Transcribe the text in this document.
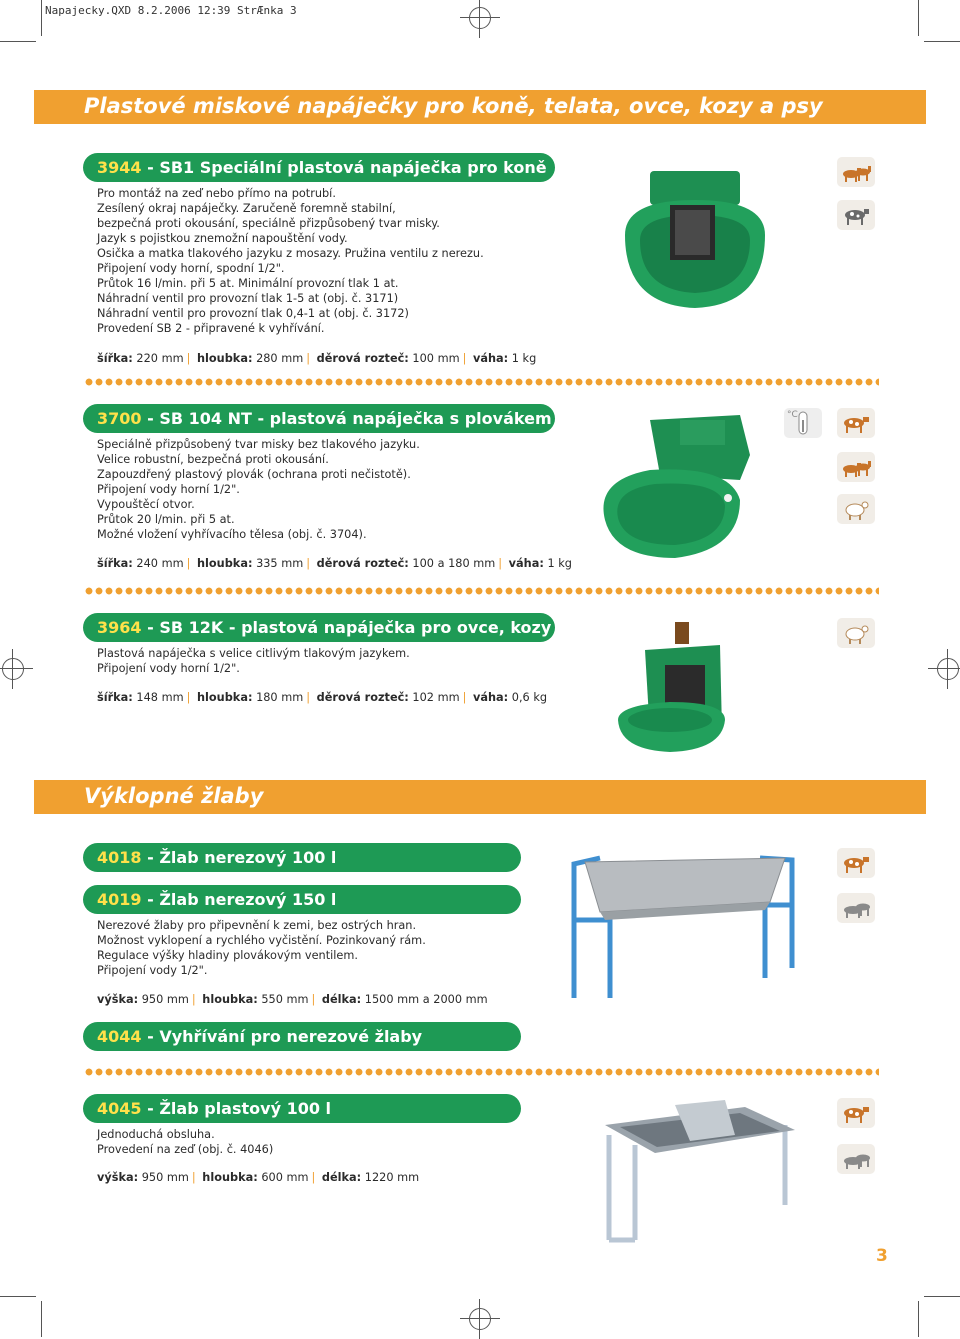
Napajecky.QXD 8.2.2006 12:39 StrÆnka 3
Plastové miskové napáječky pro koně, telata, ovce, kozy a psy
3944 - SB1 Speciální plastová napáječka pro koně
Pro montáž na zeď nebo přímo na potrubí.
Zesílený okraj napáječky. Zaručeně foremně stabilní,
bezpečná proti okousání, speciálně přizpůsobený tvar misky.
Jazyk s pojistkou znemožní napouštění vody.
Osička a matka tlakového jazyku z mosazy. Pružina ventilu z nerezu.
Připojení vody horní, spodní 1/2".
Průtok 16 l/min. při 5 at. Minimální provozní tlak 1 at.
Náhradní ventil pro provozní tlak 1-5 at (obj. č. 3171)
Náhradní ventil pro provozní tlak 0,4-1 at (obj. č. 3172)
Provedení SB 2 - připravené k vyhřívání.
šířka: 220 mm | hloubka: 280 mm | děrová rozteč: 100 mm | váha: 1 kg
3700 - SB 104 NT - plastová napáječka s plovákem
Speciálně přizpůsobený tvar misky bez tlakového jazyku.
Velice robustní, bezpečná proti okousání.
Zapouzdřený plastový plovák (ochrana proti nečistotě).
Připojení vody horní 1/2".
Vypouštěcí otvor.
Průtok 20 l/min. při 5 at.
Možné vložení vyhřívacího tělesa (obj. č. 3704).
šířka: 240 mm | hloubka: 335 mm | děrová rozteč: 100 a 180 mm | váha: 1 kg
°C
3964 - SB 12K - plastová napáječka pro ovce, kozy a psy
Plastová napáječka s velice citlivým tlakovým jazykem.
Připojení vody horní 1/2".
šířka: 148 mm | hloubka: 180 mm | děrová rozteč: 102 mm | váha: 0,6 kg
Výklopné žlaby
4018 - Žlab nerezový 100 l
4019 - Žlab nerezový 150 l
Nerezové žlaby pro připevnění k zemi, bez ostrých hran.
Možnost vyklopení a rychlého vyčistění. Pozinkovaný rám.
Regulace výšky hladiny plovákovým ventilem.
Připojení vody 1/2".
výška: 950 mm | hloubka: 550 mm | délka: 1500 mm a 2000 mm
4044 - Vyhřívání pro nerezové žlaby
4045 - Žlab plastový 100 l
Jednoduchá obsluha.
Provedení na zeď (obj. č. 4046)
výška: 950 mm | hloubka: 600 mm | délka: 1220 mm
3
